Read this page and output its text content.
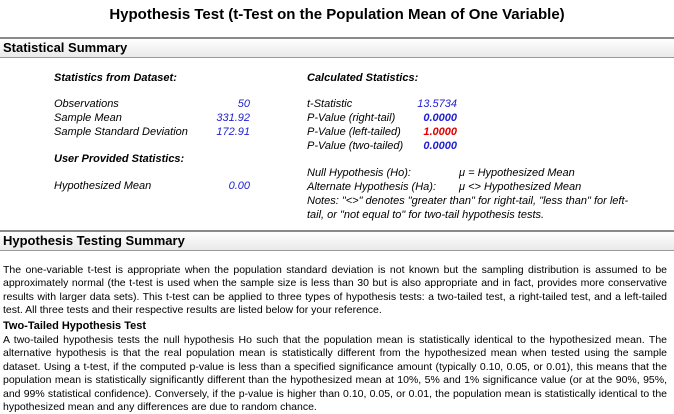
Hypothesis Test (t-Test on the Population Mean of One Variable)
Statistical Summary
Statistics from Dataset:
Observations	50
Sample Mean	331.92
Sample Standard Deviation	172.91
User Provided Statistics:
Hypothesized Mean	0.00
Calculated Statistics:
t-Statistic	13.5734
P-Value (right-tail)	0.0000
P-Value (left-tailed)	1.0000
P-Value (two-tailed)	0.0000
Null Hypothesis (Ho):	μ = Hypothesized Mean
Alternate Hypothesis (Ha): μ <> Hypothesized Mean
Notes: "<>" denotes "greater than" for right-tail, "less than" for left-
tail, or "not equal to" for two-tail hypothesis tests.
Hypothesis Testing Summary
The one-variable t-test is appropriate when the population standard deviation is not known but the sampling distribution is assumed to be approximately normal (the t-test is used when the sample size is less than 30 but is also appropriate and in fact, provides more conservative results with larger data sets). This t-test can be applied to three types of hypothesis tests: a two-tailed test, a right-tailed test, and a left-tailed test. All three tests and their respective results are listed below for your reference.
Two-Tailed Hypothesis Test
A two-tailed hypothesis tests the null hypothesis Ho such that the population mean is statistically identical to the hypothesized mean. The alternative hypothesis is that the real population mean is statistically different from the hypothesized mean when tested using the sample dataset. Using a t-test, if the computed p-value is less than a specified significance amount (typically 0.10, 0.05, or 0.01), this means that the population mean is statistically significantly different than the hypothesized mean at 10%, 5% and 1% significance value (or at the 90%, 95%, and 99% statistical confidence). Conversely, if the p-value is higher than 0.10, 0.05, or 0.01, the population mean is statistically identical to the hypothesized mean and any differences are due to random chance.
